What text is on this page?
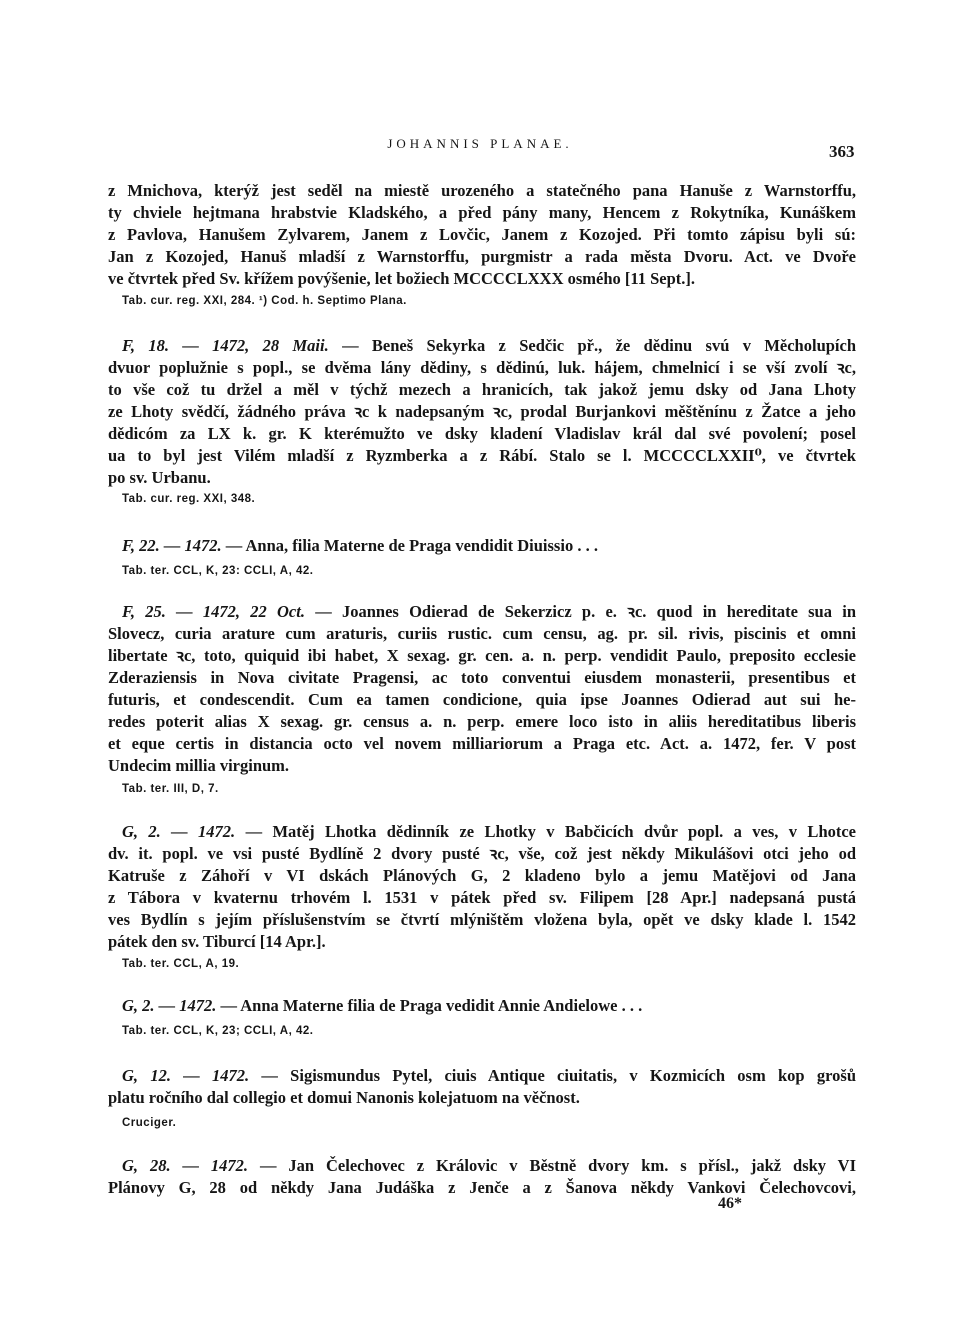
JOHANNIS PLANAE.	363
z Mnichova, kterýž jest seděl na miestě urozeného a statečného pana Hanuše z Warnstorffu,
ty chviele hejtmana hrabstvie Kladského, a před pány many, Hencem z Rokytníka, Kunáškem
z Pavlova, Hanušem Zylvarem, Janem z Lovčic, Janem z Kozojed. Při tomto zápisu byli sú:
Jan z Kozojed, Hanuš mladší z Warnstorffu, purgmistr a rada města Dvoru. Act. ve Dvoře
ve čtvrtek před Sv. křížem povýšenie, let božiech MCCCCLXXX osmého [11 Sept.].
Tab. cur. reg. XXI, 284. ¹) Cod. h. Septimo Plana.
F, 18. — 1472, 28 Maii. — Beneš Sekyrka z Sedčic př., že dědinu svú v Měcholupích
dvuor poplužnie s popl., se dvěma lány dědiny, s dědinú, luk. hájem, chmelnicí i se vší zvolí ꝛc,
to vše což tu držel a měl v týchž mezech a hranicích, tak jakož jemu dsky od Jana Lhoty
ze Lhoty svědčí, žádného práva ꝛc k nadepsaným ꝛc, prodal Burjankovi měštěnínu z Žatce a jeho
dědicóm za LX k. gr. K kterémužto ve dsky kladení Vladislav král dal své povolení; posel
ua to byl jest Vilém mladší z Ryzmberka a z Rábí. Stalo se l. MCCCCLXXII⁰, ve čtvrtek
po sv. Urbanu.
Tab. cur. reg. XXI, 348.
F, 22. — 1472. — Anna, filia Materne de Praga vendidit Diuissio . . .
Tab. ter. CCL, K, 23: CCLI, A, 42.
F, 25. — 1472, 22 Oct. — Joannes Odierad de Sekerzicz p. e. ꝛc. quod in hereditate sua in
Slovecz, curia arature cum araturis, curiis rustic. cum censu, ag. pr. sil. rivis, piscinis et omni
libertate ꝛc, toto, quiquid ibi habet, X sexag. gr. cen. a. n. perp. vendidit Paulo, preposito ecclesie
Zderaziensis in Nova civitate Pragensi, ac toto conventui eiusdem monasterii, presentibus et
futuris, et condescendit. Cum ea tamen condicione, quia ipse Joannes Odierad aut sui he-
redes poterit alias X sexag. gr. census a. n. perp. emere loco isto in aliis hereditatibus liberis
et eque certis in distancia octo vel novem milliariorum a Praga etc. Act. a. 1472, fer. V post
Undecim millia virginum.
Tab. ter. III, D, 7.
G, 2. — 1472. — Matěj Lhotka dědinník ze Lhotky v Babčicích dvůr popl. a ves, v Lhotce
dv. it. popl. ve vsi pusté Bydlíně 2 dvory pusté ꝛc, vše, což jest někdy Mikulášovi otci jeho od
Katruše z Záhoří v VI dskách Plánových G, 2 kladeno bylo a jemu Matějovi od Jana
z Tábora v kvaternu trhovém l. 1531 v pátek před sv. Filipem [28 Apr.] nadepsaná pustá
ves Bydlín s jejím příslušenstvím se čtvrtí mlýništěm vložena byla, opět ve dsky klade l. 1542
pátek den sv. Tiburcí [14 Apr.].
Tab. ter. CCL, A, 19.
G, 2. — 1472. — Anna Materne filia de Praga vedidit Annie Andielowe . . .
Tab. ter. CCL, K, 23; CCLI, A, 42.
G, 12. — 1472. — Sigismundus Pytel, ciuis Antique ciuitatis, v Kozmicích osm kop grošů
platu ročního dal collegio et domui Nanonis kolejatuom na věčnost.
Cruciger.
G, 28. — 1472. — Jan Čelechovec z Královic v Běstně dvory km. s přísl., jakž dsky VI
Plánovy G, 28 od někdy Jana Judáška z Jenče a z Šanova někdy Vankovi Čelechovcovi,
46*
